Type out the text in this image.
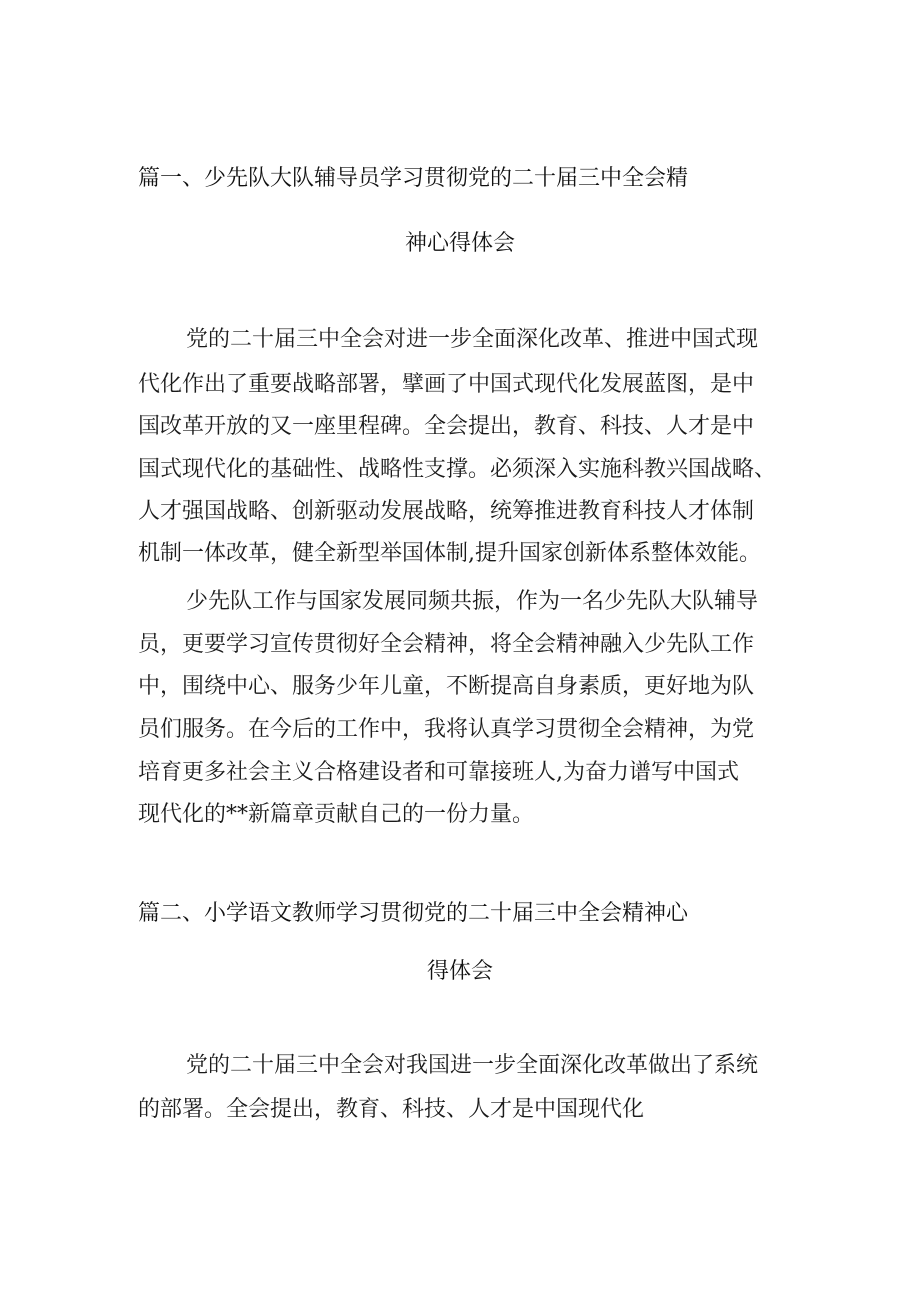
篇一、少先队大队辅导员学习贯彻党的二十届三中全会精
神心得体会
党的二十届三中全会对进一步全面深化改革、推进中国式现
代化作出了重要战略部署，擘画了中国式现代化发展蓝图，是中
国改革开放的又一座里程碑。全会提出，教育、科技、人才是中
国式现代化的基础性、战略性支撑。必须深入实施科教兴国战略、
人才强国战略、创新驱动发展战略，统筹推进教育科技人才体制
机制一体改革，健全新型举国体制,提升国家创新体系整体效能。
少先队工作与国家发展同频共振，作为一名少先队大队辅导
员，更要学习宣传贯彻好全会精神，将全会精神融入少先队工作
中，围绕中心、服务少年儿童，不断提高自身素质，更好地为队
员们服务。在今后的工作中，我将认真学习贯彻全会精神，为党
培育更多社会主义合格建设者和可靠接班人,为奋力谱写中国式
现代化的**新篇章贡献自己的一份力量。
篇二、小学语文教师学习贯彻党的二十届三中全会精神心
得体会
党的二十届三中全会对我国进一步全面深化改革做出了系统
的部署。全会提出，教育、科技、人才是中国现代化
